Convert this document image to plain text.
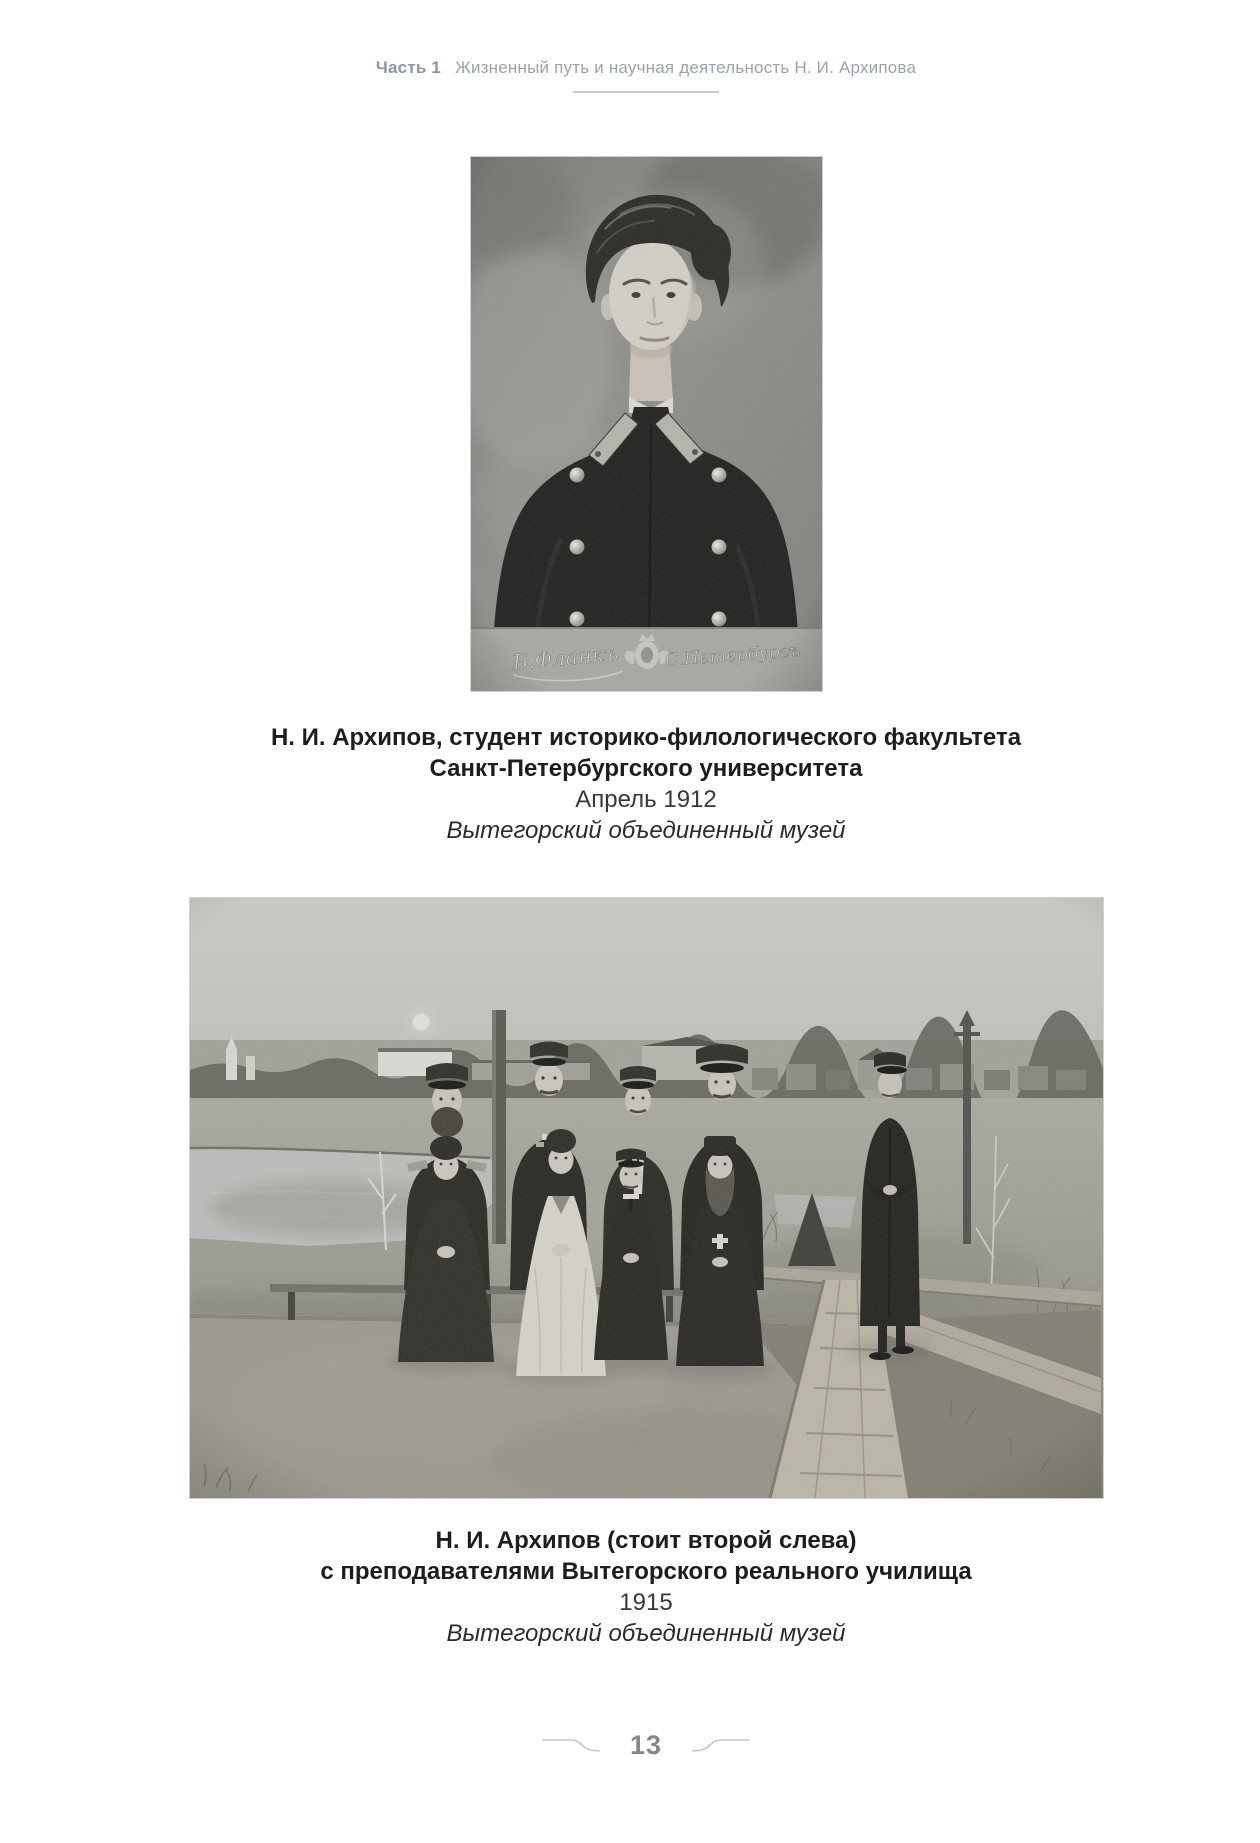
Часть 1 Жизненный путь и научная деятельность Н. И. Архипова
Н. И. Архипов, студент историко-филологического факультета
Санкт-Петербургского университета
Апрель 1912
Вытегорский объединенный музей
Н. И. Архипов (стоит второй слева)
с преподавателями Вытегорского реального училища
1915
Вытегорский объединенный музей
13
